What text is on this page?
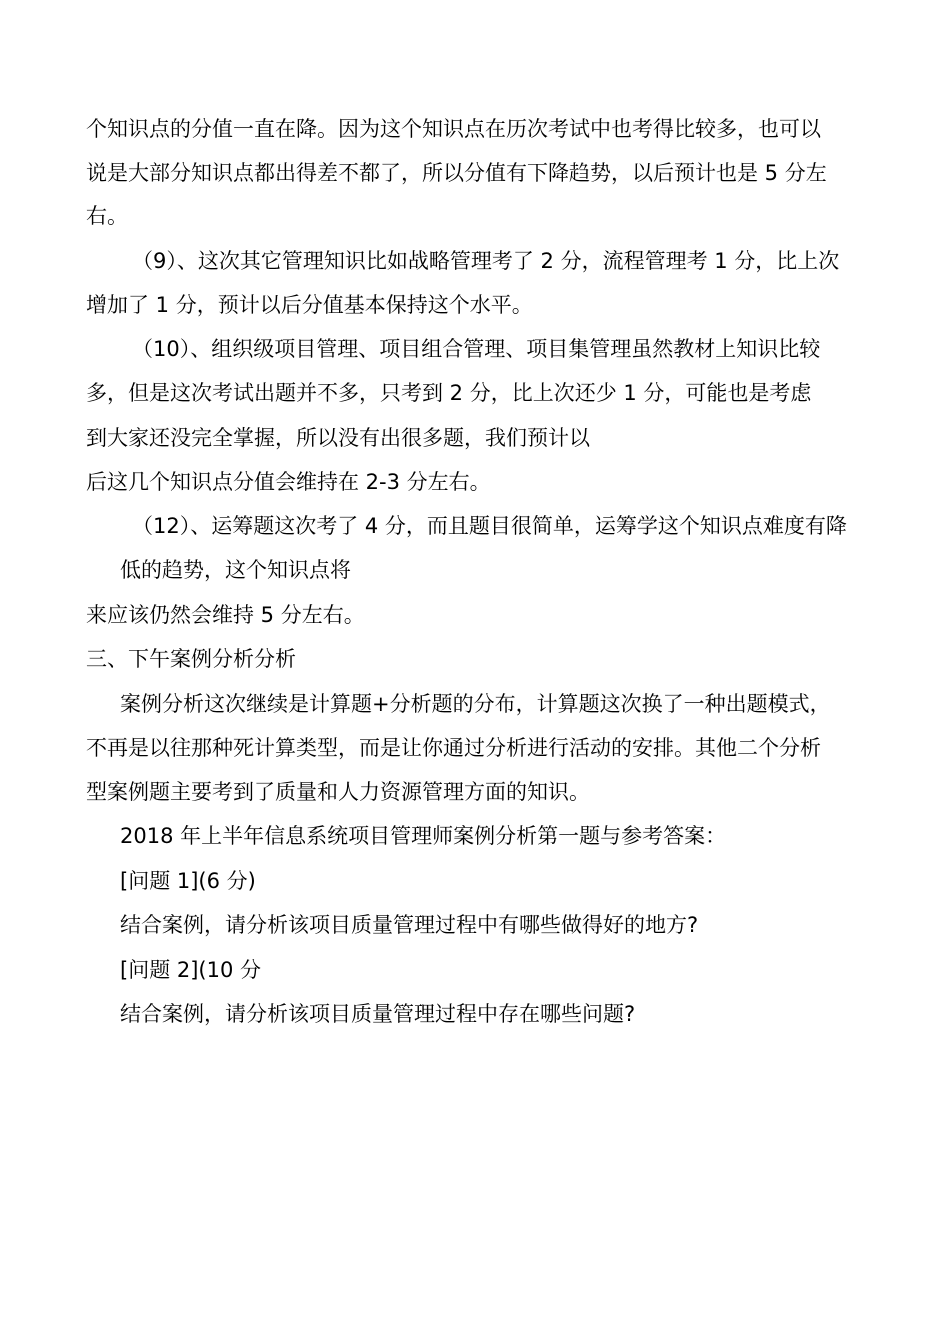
个知识点的分值一直在降。因为这个知识点在历次考试中也考得比较多，也可以
说是大部分知识点都出得差不都了，所以分值有下降趋势，以后预计也是 5 分左
右。
（9）、这次其它管理知识比如战略管理考了 2 分，流程管理考 1 分，比上次
增加了 1 分，预计以后分值基本保持这个水平。
（10）、组织级项目管理、项目组合管理、项目集管理虽然教材上知识比较
多，但是这次考试出题并不多，只考到 2 分，比上次还少 1 分，可能也是考虑
到大家还没完全掌握，所以没有出很多题，我们预计以
后这几个知识点分值会维持在 2-3 分左右。
（12）、运筹题这次考了 4 分，而且题目很简单，运筹学这个知识点难度有降
低的趋势，这个知识点将
来应该仍然会维持 5 分左右。
三、下午案例分析分析
案例分析这次继续是计算题+分析题的分布，计算题这次换了一种出题模式，
不再是以往那种死计算类型，而是让你通过分析进行活动的安排。其他二个分析
型案例题主要考到了质量和人力资源管理方面的知识。
2018 年上半年信息系统项目管理师案例分析第一题与参考答案：
[问题 1](6 分)
结合案例，请分析该项目质量管理过程中有哪些做得好的地方?
[问题 2](10 分
结合案例，请分析该项目质量管理过程中存在哪些问题?
